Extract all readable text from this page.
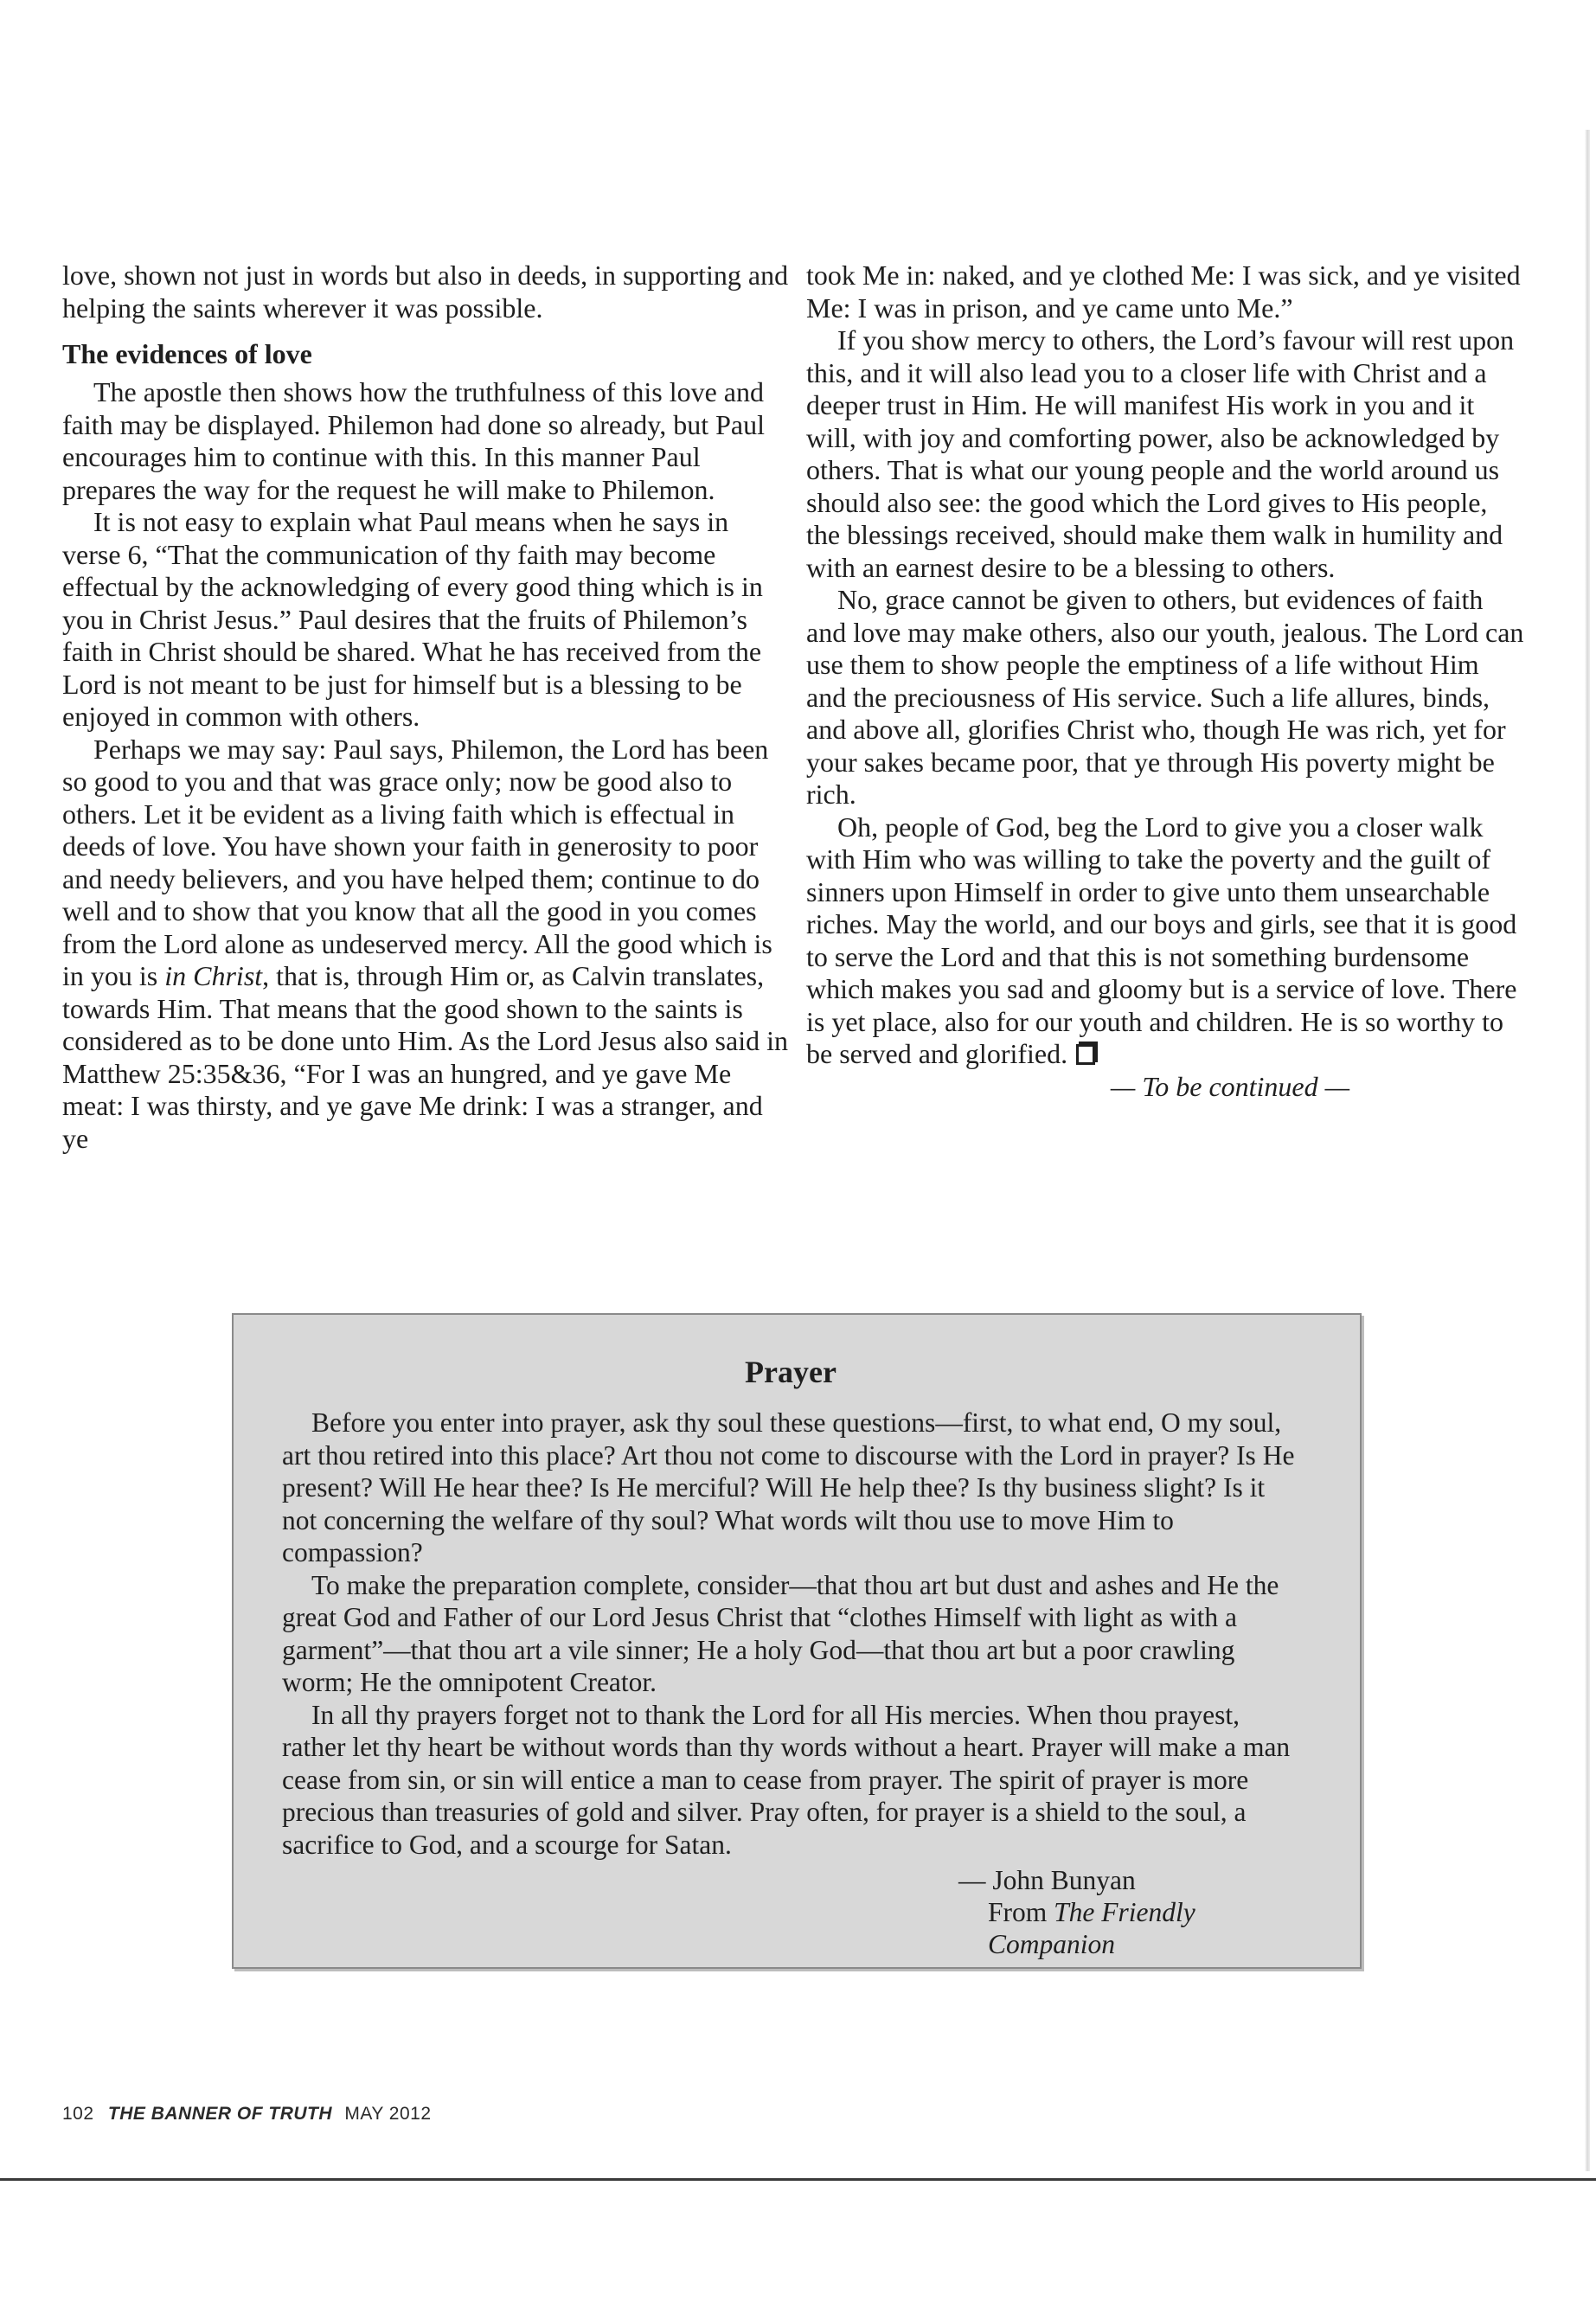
love, shown not just in words but also in deeds, in supporting and helping the saints wherever it was possible.

The evidences of love

The apostle then shows how the truthfulness of this love and faith may be displayed. Philemon had done so already, but Paul encourages him to continue with this. In this manner Paul prepares the way for the request he will make to Philemon.

It is not easy to explain what Paul means when he says in verse 6, “That the communication of thy faith may become effectual by the acknowledging of every good thing which is in you in Christ Jesus.” Paul desires that the fruits of Philemon’s faith in Christ should be shared. What he has received from the Lord is not meant to be just for himself but is a blessing to be enjoyed in common with others.

Perhaps we may say: Paul says, Philemon, the Lord has been so good to you and that was grace only; now be good also to others. Let it be evident as a living faith which is effectual in deeds of love. You have shown your faith in generosity to poor and needy believers, and you have helped them; continue to do well and to show that you know that all the good in you comes from the Lord alone as undeserved mercy. All the good which is in you is in Christ, that is, through Him or, as Calvin translates, towards Him. That means that the good shown to the saints is considered as to be done unto Him. As the Lord Jesus also said in Matthew 25:35&36, “For I was an hungred, and ye gave Me meat: I was thirsty, and ye gave Me drink: I was a stranger, and ye

took Me in: naked, and ye clothed Me: I was sick, and ye visited Me: I was in prison, and ye came unto Me.”

If you show mercy to others, the Lord’s favour will rest upon this, and it will also lead you to a closer life with Christ and a deeper trust in Him. He will manifest His work in you and it will, with joy and comforting power, also be acknowledged by others. That is what our young people and the world around us should also see: the good which the Lord gives to His people, the blessings received, should make them walk in humility and with an earnest desire to be a blessing to others.

No, grace cannot be given to others, but evidences of faith and love may make others, also our youth, jealous. The Lord can use them to show people the emptiness of a life without Him and the preciousness of His service. Such a life allures, binds, and above all, glorifies Christ who, though He was rich, yet for your sakes became poor, that ye through His poverty might be rich.

Oh, people of God, beg the Lord to give you a closer walk with Him who was willing to take the poverty and the guilt of sinners upon Himself in order to give unto them unsearchable riches. May the world, and our boys and girls, see that it is good to serve the Lord and that this is not something burdensome which makes you sad and gloomy but is a service of love. There is yet place, also for our youth and children. He is so worthy to be served and glorified.

— To be continued —

Prayer

Before you enter into prayer, ask thy soul these questions—first, to what end, O my soul, art thou retired into this place? Art thou not come to discourse with the Lord in prayer? Is He present? Will He hear thee? Is He merciful? Will He help thee? Is thy business slight? Is it not concerning the welfare of thy soul? What words wilt thou use to move Him to compassion?

To make the preparation complete, consider—that thou art but dust and ashes and He the great God and Father of our Lord Jesus Christ that “clothes Himself with light as with a garment”—that thou art a vile sinner; He a holy God—that thou art but a poor crawling worm; He the omnipotent Creator.

In all thy prayers forget not to thank the Lord for all His mercies. When thou prayest, rather let thy heart be without words than thy words without a heart. Prayer will make a man cease from sin, or sin will entice a man to cease from prayer. The spirit of prayer is more precious than treasuries of gold and silver. Pray often, for prayer is a shield to the soul, a sacrifice to God, and a scourge for Satan.

— John Bunyan
From The Friendly Companion
102 THE BANNER OF TRUTH MAY 2012
